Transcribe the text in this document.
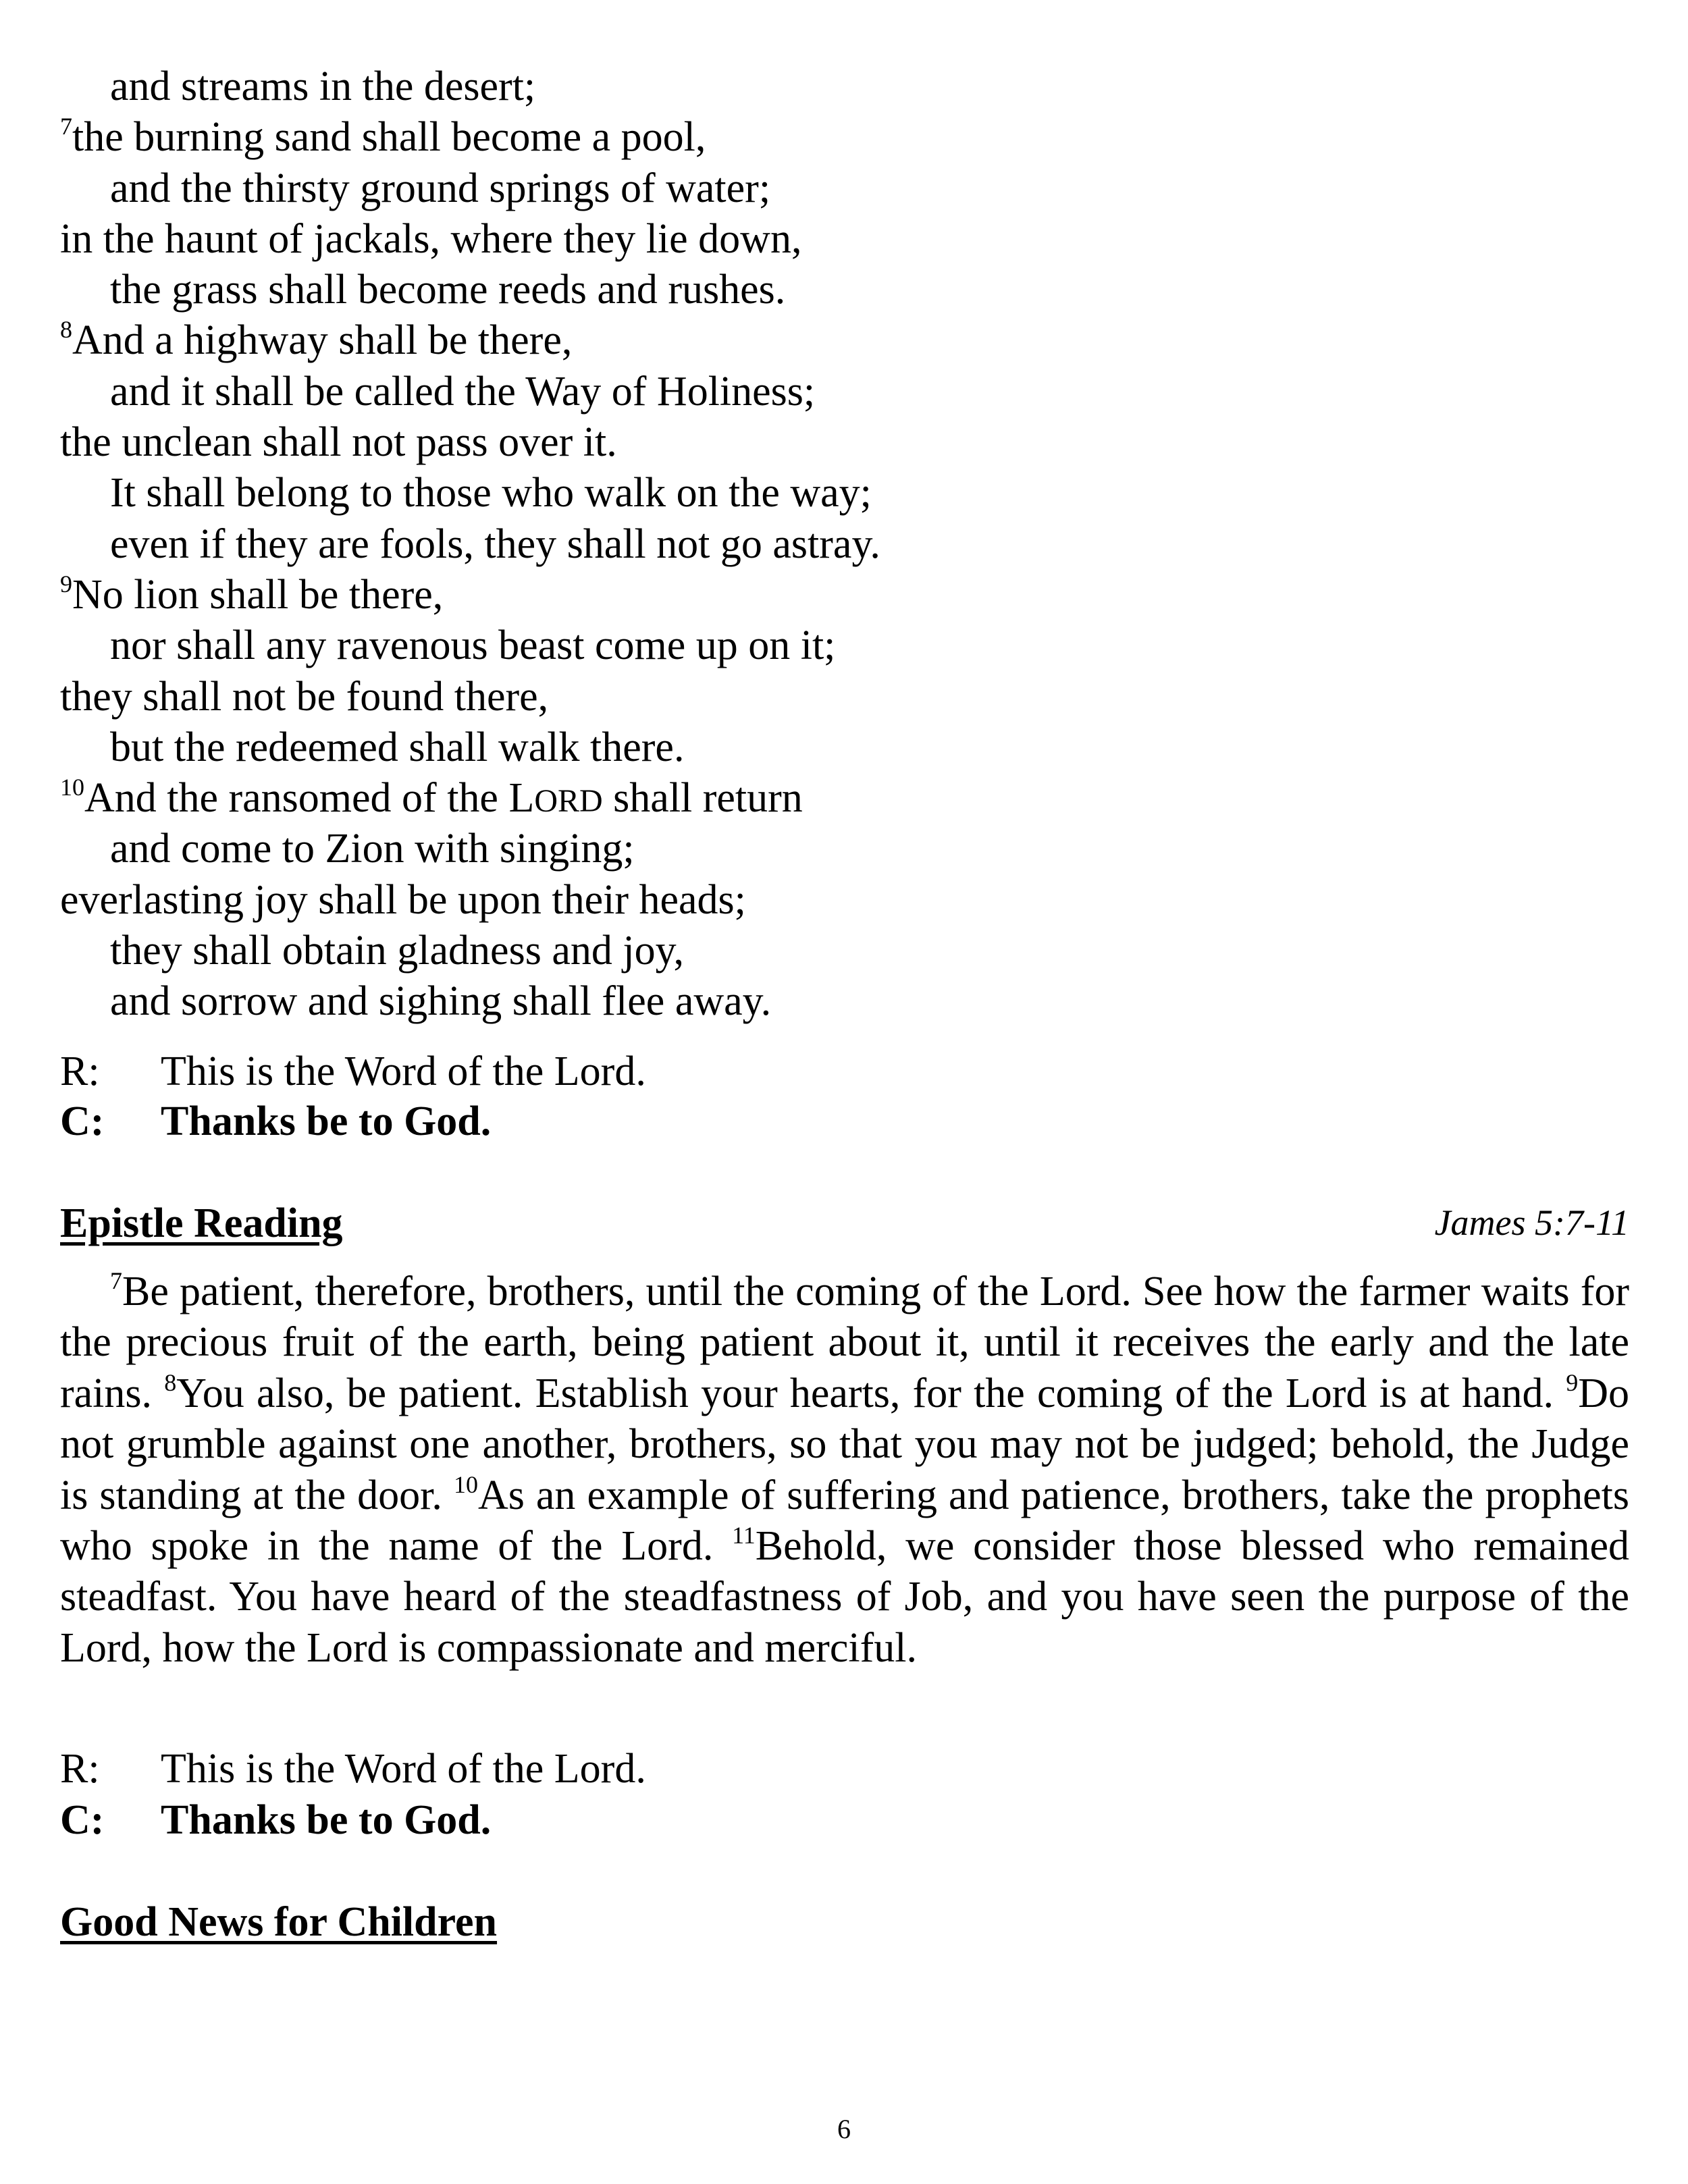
and streams in the desert;
$^7$the burning sand shall become a pool,
and the thirsty ground springs of water;
in the haunt of jackals, where they lie down,
the grass shall become reeds and rushes.
$^8$And a highway shall be there,
and it shall be called the Way of Holiness;
the unclean shall not pass over it.
It shall belong to those who walk on the way;
even if they are fools, they shall not go astray.
$^9$No lion shall be there,
nor shall any ravenous beast come up on it;
they shall not be found there,
but the redeemed shall walk there.
$^{10}$And the ransomed of the LORD shall return
and come to Zion with singing;
everlasting joy shall be upon their heads;
they shall obtain gladness and joy,
and sorrow and sighing shall flee away.
R: This is the Word of the Lord.
C: Thanks be to God.
Epistle Reading	James 5:7-11
$^7$Be patient, therefore, brothers, until the coming of the Lord. See how the farmer waits for the precious fruit of the earth, being patient about it, until it receives the early and the late rains. $^8$You also, be patient. Establish your hearts, for the coming of the Lord is at hand. $^9$Do not grumble against one another, brothers, so that you may not be judged; behold, the Judge is standing at the door. $^{10}$As an example of suffering and patience, brothers, take the prophets who spoke in the name of the Lord. $^{11}$Behold, we consider those blessed who remained steadfast. You have heard of the steadfastness of Job, and you have seen the purpose of the Lord, how the Lord is compassionate and merciful.
R: This is the Word of the Lord.
C: Thanks be to God.
Good News for Children
6
